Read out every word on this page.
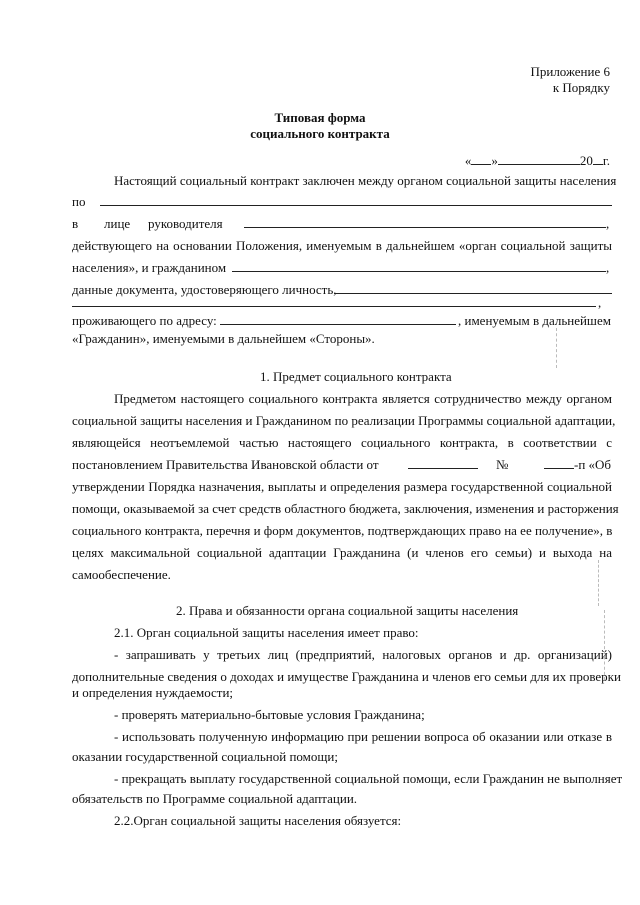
Приложение 6
к Порядку
Типовая форма
социального контракта
« »	20 г.
Настоящий социальный контракт заключен между органом социальной защиты населения
по
в лице руководителя	,
действующего на основании Положения, именуемым в дальнейшем «орган социальной защиты
населения», и гражданином	,
данные документа, удостоверяющего личность,
,
проживающего по адресу:	, именуемым в дальнейшем
«Гражданин», именуемыми в дальнейшем «Стороны».
1. Предмет социального контракта
Предметом настоящего социального контракта является сотрудничество между органом
социальной защиты населения и Гражданином по реализации Программы социальной адаптации,
являющейся неотъемлемой частью настоящего социального контракта, в соответствии с
постановлением Правительства Ивановской области от	№	-п «Об
утверждении Порядка назначения, выплаты и определения размера государственной социальной
помощи, оказываемой за счет средств областного бюджета, заключения, изменения и расторжения
социального контракта, перечня и форм документов, подтверждающих право на ее получение», в
целях максимальной социальной адаптации Гражданина (и членов его семьи) и выхода на
самообеспечение.
2. Права и обязанности органа социальной защиты населения
2.1. Орган социальной защиты населения имеет право:
- запрашивать у третьих лиц (предприятий, налоговых органов и др. организаций)
дополнительные сведения о доходах и имуществе Гражданина и членов его семьи для их проверки
и определения нуждаемости;
- проверять материально-бытовые условия Гражданина;
- использовать полученную информацию при решении вопроса об оказании или отказе в
оказании государственной социальной помощи;
- прекращать выплату государственной социальной помощи, если Гражданин не выполняет
обязательств по Программе социальной адаптации.
2.2.Орган социальной защиты населения обязуется:
